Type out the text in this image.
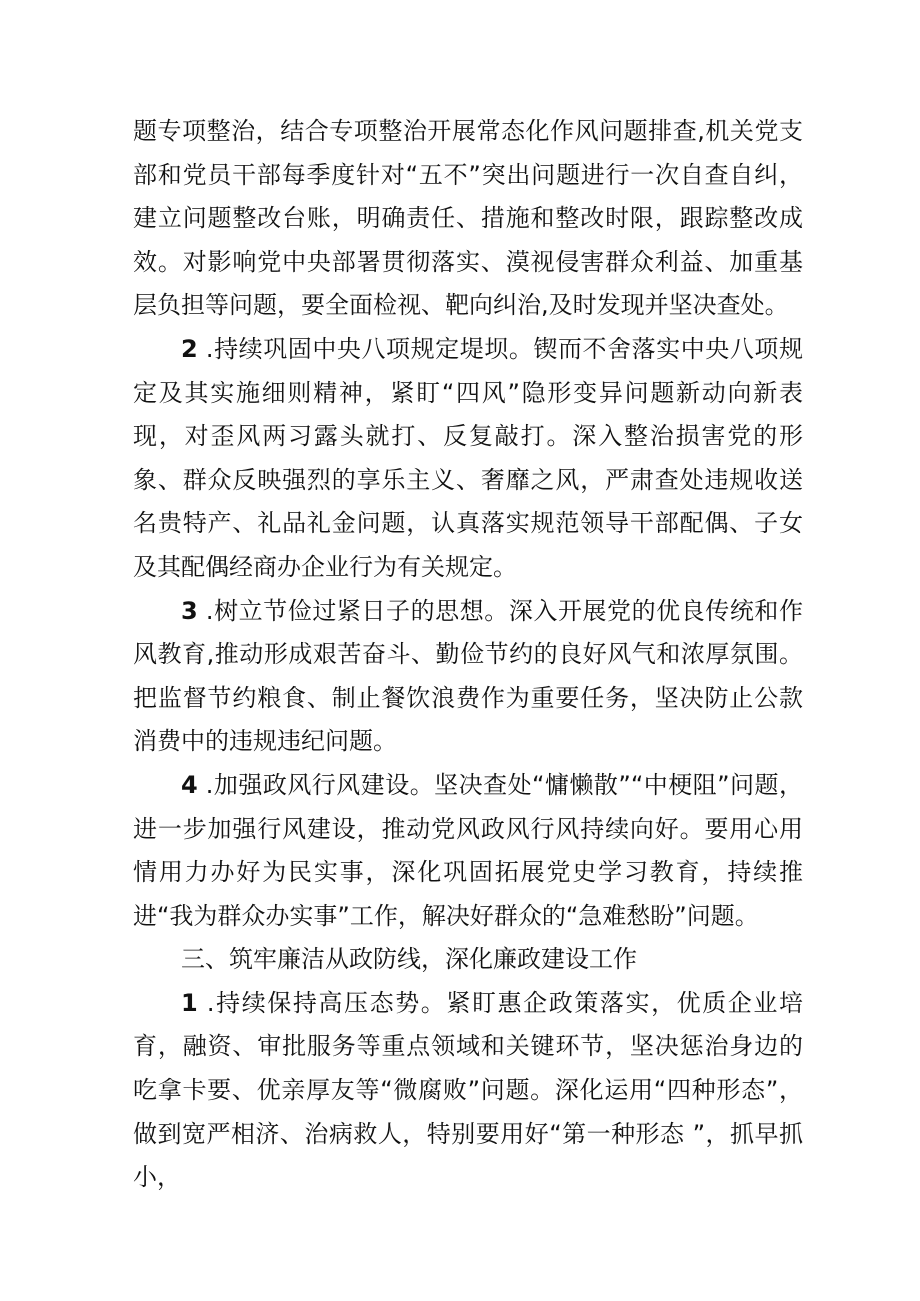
题专项整治，结合专项整治开展常态化作风问题排查,机关党支部和党员干部每季度针对“五不”突出问题进行一次自查自纠，建立问题整改台账，明确责任、措施和整改时限，跟踪整改成效。对影响党中央部署贯彻落实、漠视侵害群众利益、加重基层负担等问题，要全面检视、靶向纠治,及时发现并坚决查处。

2 .持续巩固中央八项规定堤坝。锲而不舍落实中央八项规定及其实施细则精神，紧盯“四风”隐形变异问题新动向新表现，对歪风两习露头就打、反复敲打。深入整治损害党的形象、群众反映强烈的享乐主义、奢靡之风，严肃查处违规收送名贵特产、礼品礼金问题，认真落实规范领导干部配偶、子女及其配偶经商办企业行为有关规定。

3 .树立节俭过紧日子的思想。深入开展党的优良传统和作风教育,推动形成艰苦奋斗、勤俭节约的良好风气和浓厚氛围。把监督节约粮食、制止餐饮浪费作为重要任务，坚决防止公款消费中的违规违纪问题。

4 .加强政风行风建设。坚决查处“慵懒散”“中梗阻”问题，进一步加强行风建设，推动党风政风行风持续向好。要用心用情用力办好为民实事，深化巩固拓展党史学习教育，持续推进“我为群众办实事”工作，解决好群众的“急难愁盼”问题。

三、筑牢廉洁从政防线，深化廉政建设工作

1 .持续保持高压态势。紧盯惠企政策落实，优质企业培育，融资、审批服务等重点领域和关键环节，坚决惩治身边的吃拿卡要、优亲厚友等“微腐败”问题。深化运用“四种形态”，做到宽严相济、治病救人，特别要用好“第一种形态 ”，抓早抓小，
